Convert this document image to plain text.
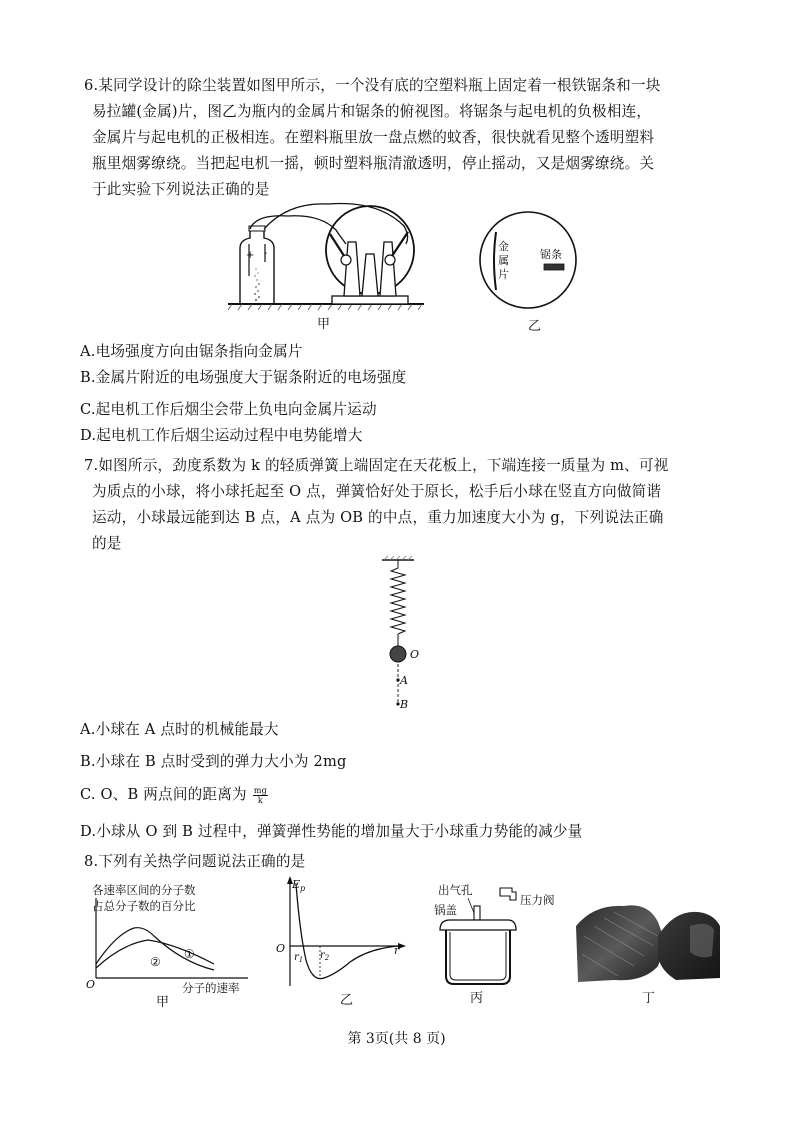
6.某同学设计的除尘装置如图甲所示，一个没有底的空塑料瓶上固定着一根铁锯条和一块
易拉罐(金属)片，图乙为瓶内的金属片和锯条的俯视图。将锯条与起电机的负极相连，
金属片与起电机的正极相连。在塑料瓶里放一盘点燃的蚊香，很快就看见整个透明塑料
瓶里烟雾缭绕。当把起电机一摇，顿时塑料瓶清澈透明，停止摇动，又是烟雾缭绕。关
于此实验下列说法正确的是
+ -
甲
金
属
片
锯条
乙
A.电场强度方向由锯条指向金属片
B.金属片附近的电场强度大于锯条附近的电场强度
C.起电机工作后烟尘会带上负电向金属片运动
D.起电机工作后烟尘运动过程中电势能增大
7.如图所示，劲度系数为 k 的轻质弹簧上端固定在天花板上，下端连接一质量为 m、可视
为质点的小球，将小球托起至 O 点，弹簧恰好处于原长，松手后小球在竖直方向做简谐
运动，小球最远能到达 B 点，A 点为 OB 的中点，重力加速度大小为 g，下列说法正确
的是
O
A
B
A.小球在 A 点时的机械能最大
B.小球在 B 点时受到的弹力大小为 2mg
C. O、B 两点间的距离为 $\frac{mg}{k}$
D.小球从 O 到 B 过程中，弹簧弹性势能的增加量大于小球重力势能的减少量
8.下列有关热学问题说法正确的是
各速率区间的分子数
占总分子数的百分比
①
②
O	分子的速率
甲
$E_p$
r
O
$r_1$ $r_2$
乙
出气孔
锅盖
压力阀
丙	丁
第 3页(共 8 页)
